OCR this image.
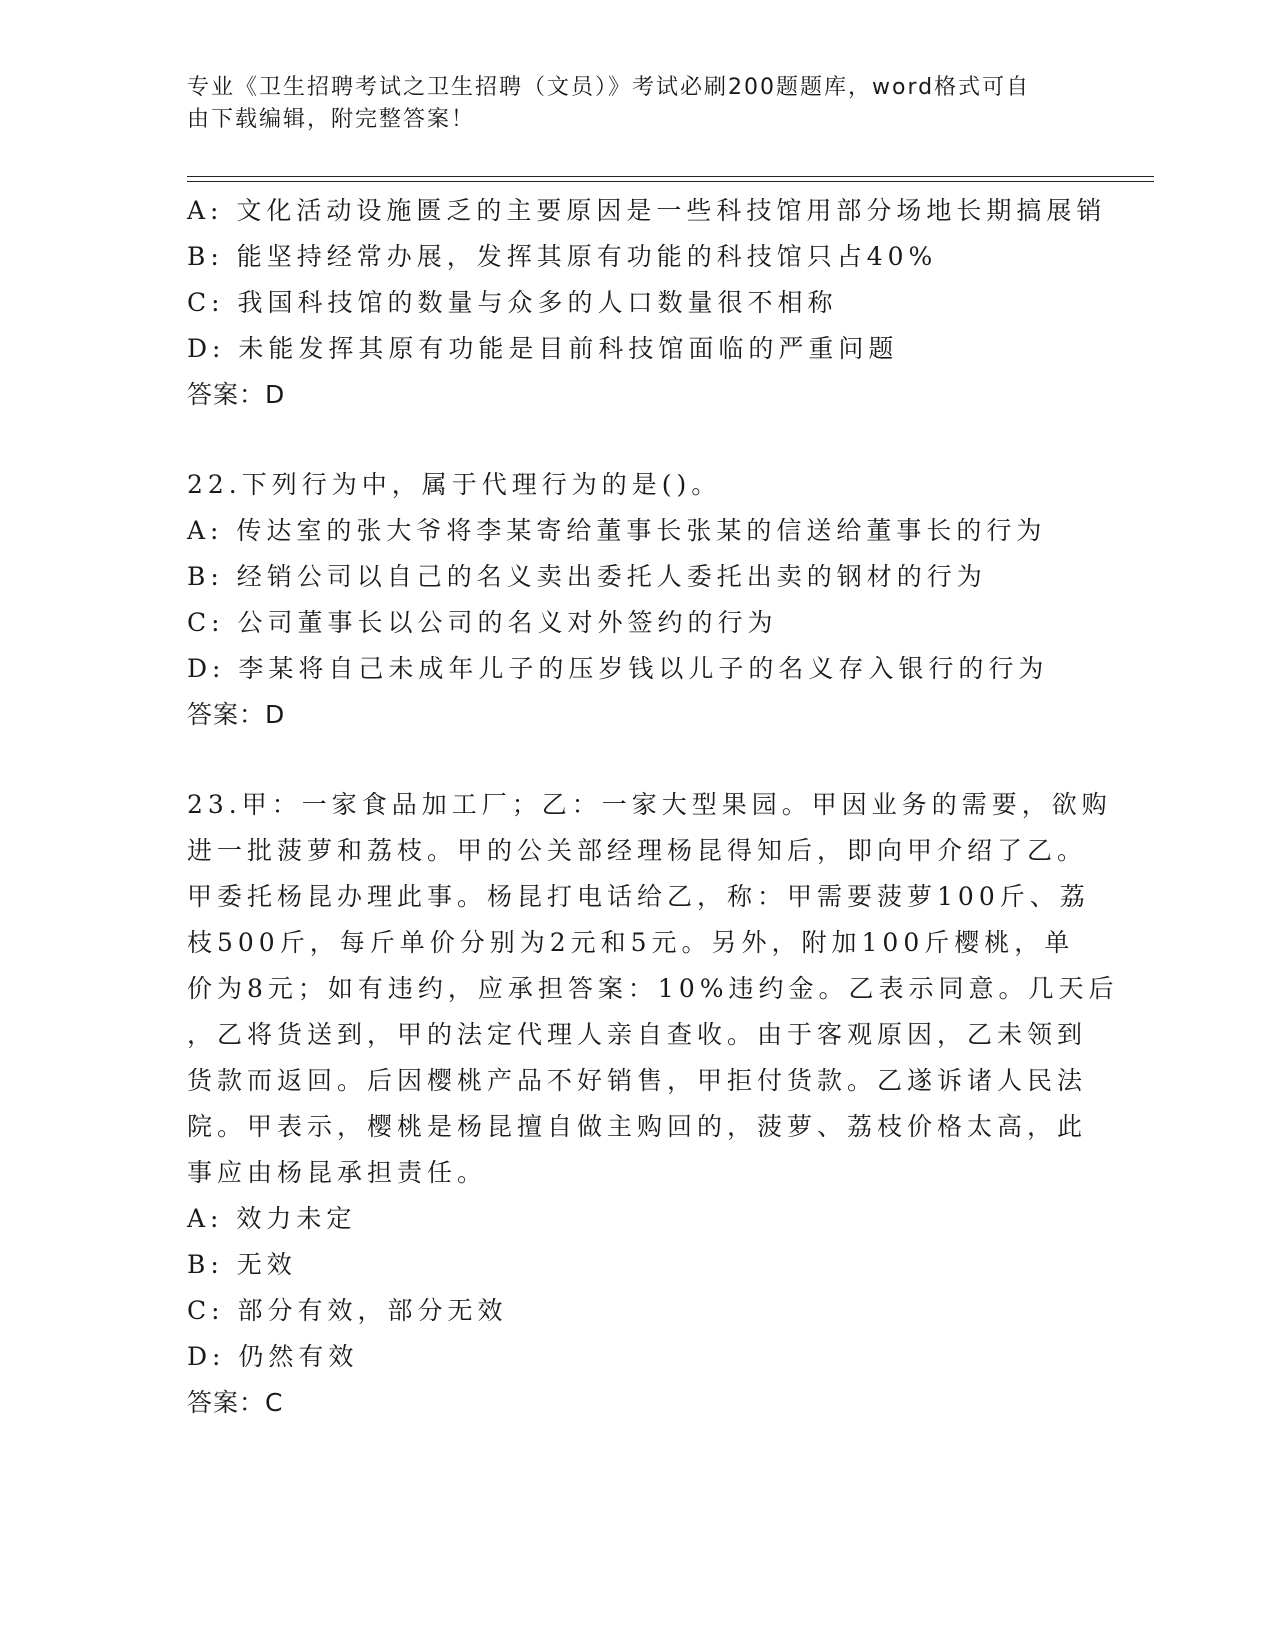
专业《卫生招聘考试之卫生招聘（文员）》考试必刷200题题库，word格式可自
由下载编辑，附完整答案！
A: 文化活动设施匮乏的主要原因是一些科技馆用部分场地长期搞展销
B: 能坚持经常办展，发挥其原有功能的科技馆只占40%
C: 我国科技馆的数量与众多的人口数量很不相称
D: 未能发挥其原有功能是目前科技馆面临的严重问题
答案：D
22.下列行为中，属于代理行为的是()。
A: 传达室的张大爷将李某寄给董事长张某的信送给董事长的行为
B: 经销公司以自己的名义卖出委托人委托出卖的钢材的行为
C: 公司董事长以公司的名义对外签约的行为
D: 李某将自己未成年儿子的压岁钱以儿子的名义存入银行的行为
答案：D
23.甲：一家食品加工厂；乙：一家大型果园。甲因业务的需要，欲购
进一批菠萝和荔枝。甲的公关部经理杨昆得知后，即向甲介绍了乙。
甲委托杨昆办理此事。杨昆打电话给乙，称：甲需要菠萝100斤、荔
枝500斤，每斤单价分别为2元和5元。另外，附加100斤樱桃，单
价为8元；如有违约，应承担答案：10%违约金。乙表示同意。几天后
，乙将货送到，甲的法定代理人亲自查收。由于客观原因，乙未领到
货款而返回。后因樱桃产品不好销售，甲拒付货款。乙遂诉诸人民法
院。甲表示，樱桃是杨昆擅自做主购回的，菠萝、荔枝价格太高，此
事应由杨昆承担责任。
A: 效力未定
B: 无效
C: 部分有效，部分无效
D: 仍然有效
答案：C
